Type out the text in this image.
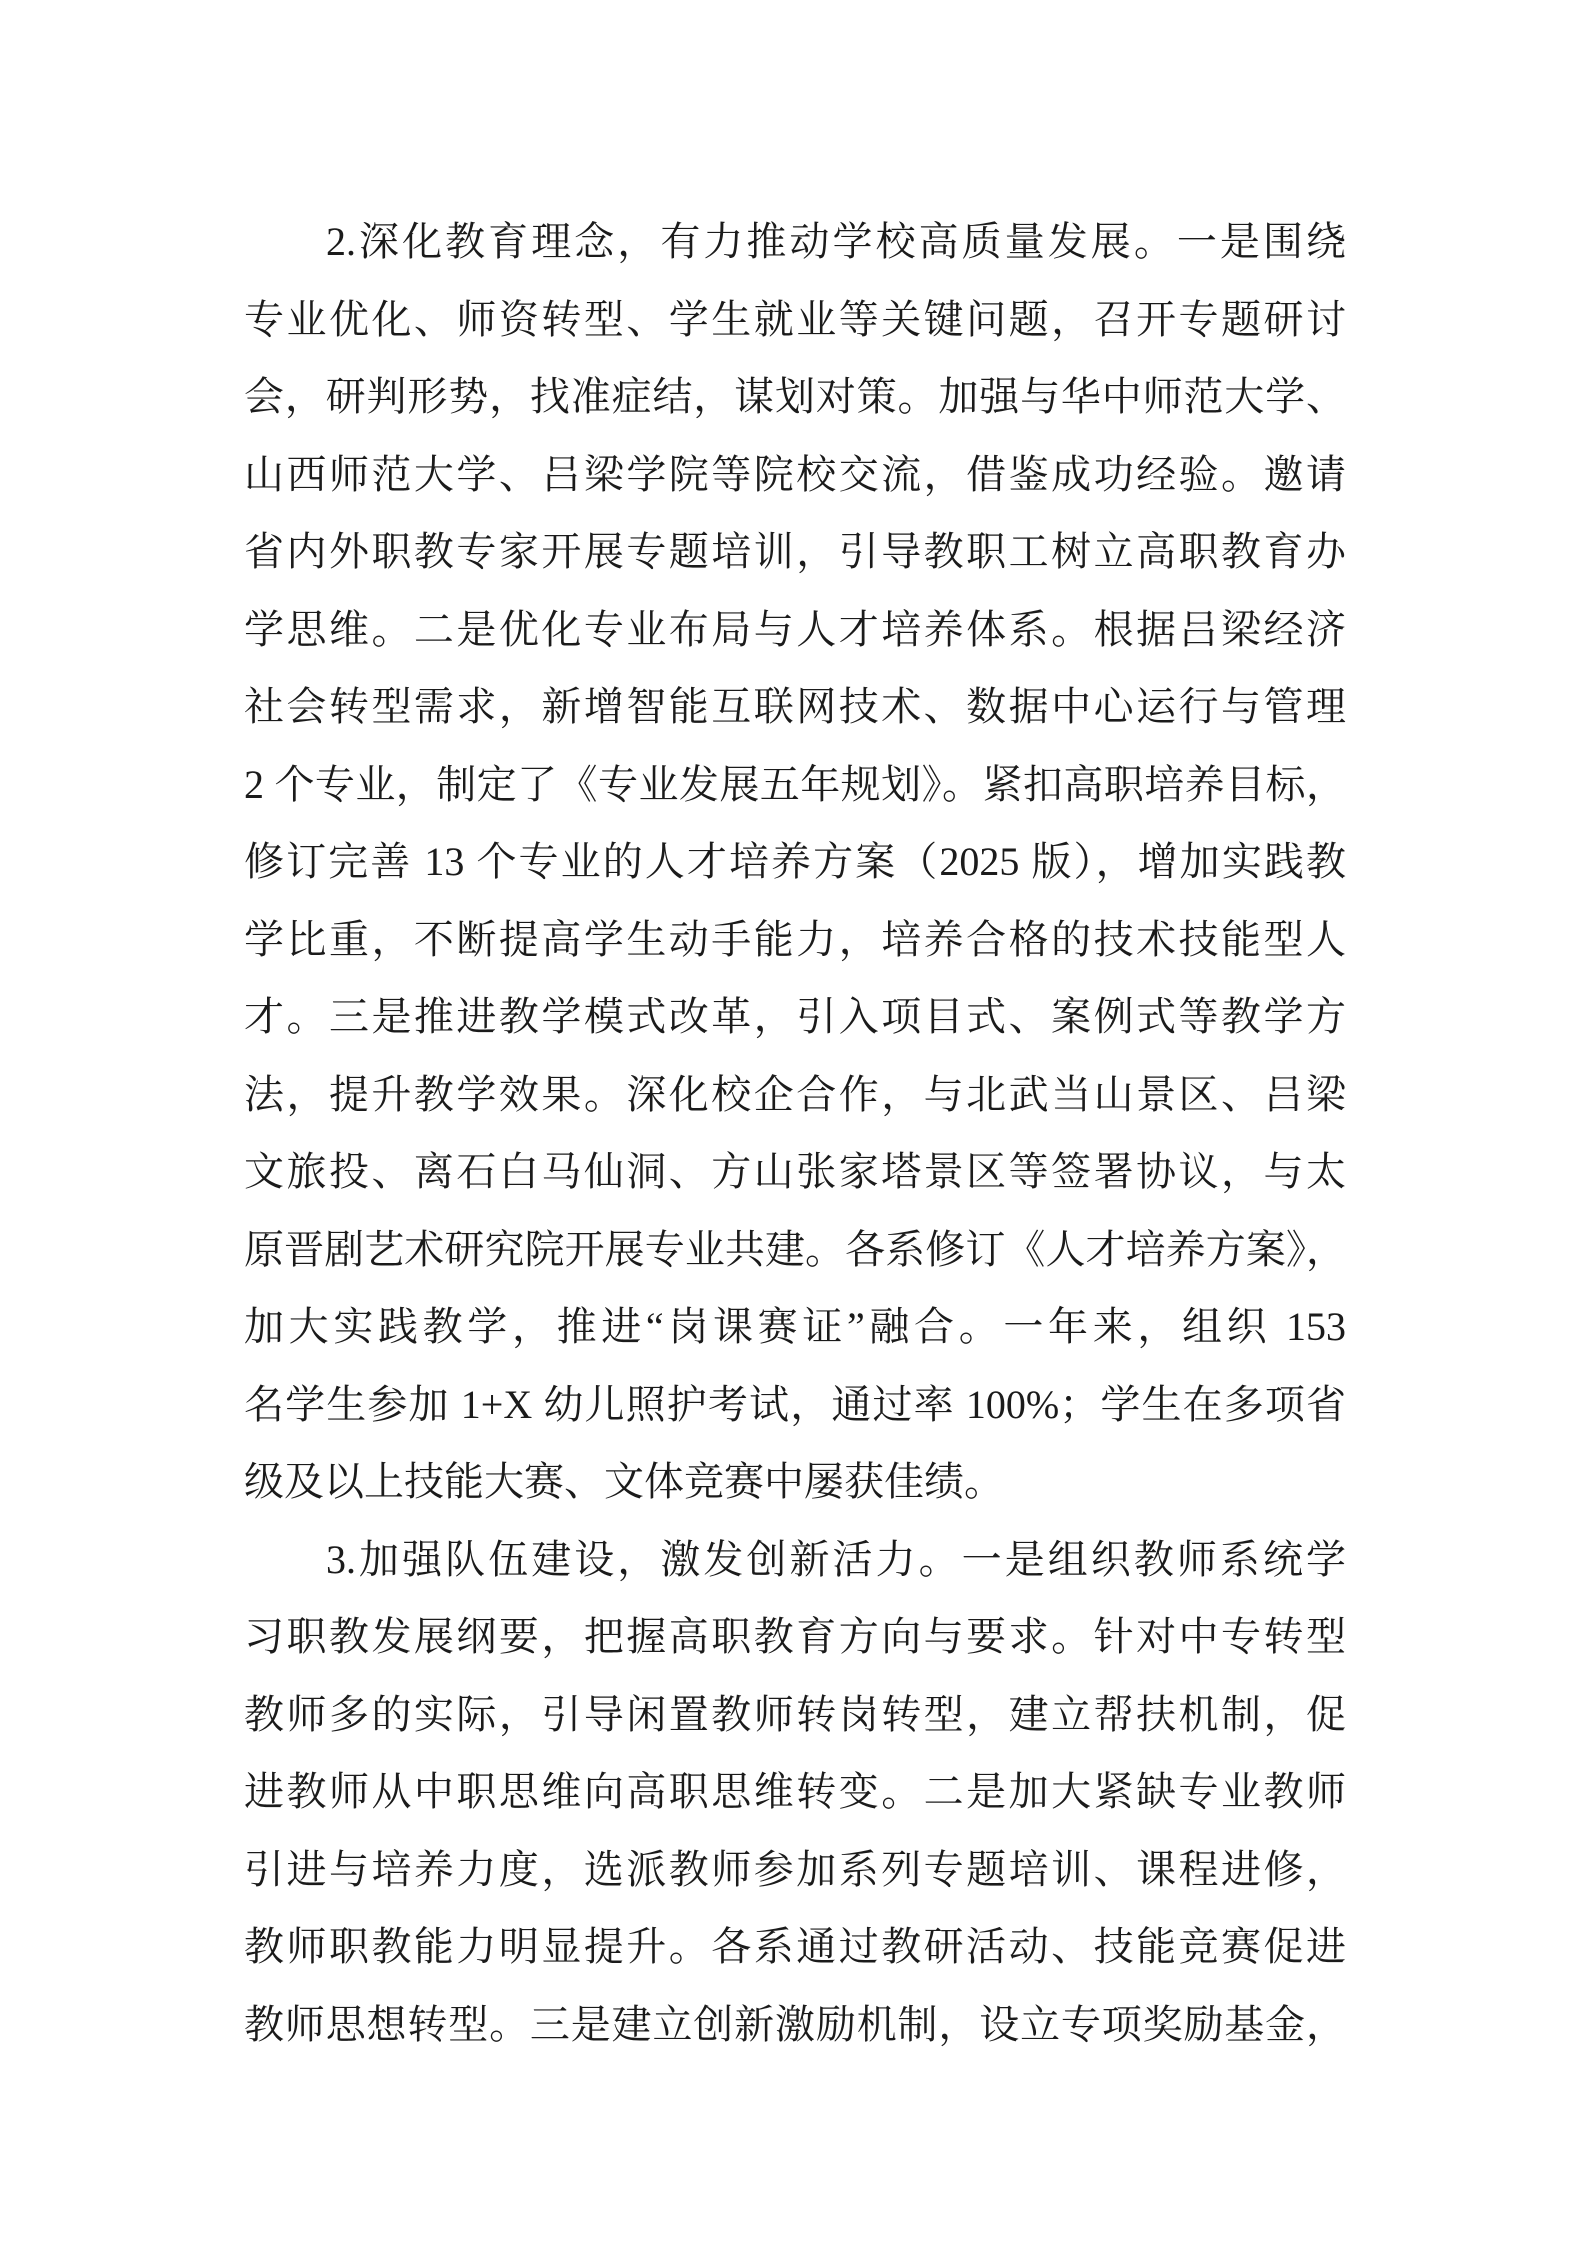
2.深化教育理念，有力推动学校高质量发展。一是围绕
专业优化、师资转型、学生就业等关键问题，召开专题研讨
会，研判形势，找准症结，谋划对策。加强与华中师范大学、
山西师范大学、吕梁学院等院校交流，借鉴成功经验。邀请
省内外职教专家开展专题培训，引导教职工树立高职教育办
学思维。二是优化专业布局与人才培养体系。根据吕梁经济
社会转型需求，新增智能互联网技术、数据中心运行与管理
2 个专业，制定了《专业发展五年规划》。紧扣高职培养目标，
修订完善 13 个专业的人才培养方案（2025 版），增加实践教
学比重，不断提高学生动手能力，培养合格的技术技能型人
才。三是推进教学模式改革，引入项目式、案例式等教学方
法，提升教学效果。深化校企合作，与北武当山景区、吕梁
文旅投、离石白马仙洞、方山张家塔景区等签署协议，与太
原晋剧艺术研究院开展专业共建。各系修订《人才培养方案》，
加大实践教学，推进“岗课赛证”融合。一年来，组织 153
名学生参加 1+X 幼儿照护考试，通过率 100%；学生在多项省
级及以上技能大赛、文体竞赛中屡获佳绩。
3.加强队伍建设，激发创新活力。一是组织教师系统学
习职教发展纲要，把握高职教育方向与要求。针对中专转型
教师多的实际，引导闲置教师转岗转型，建立帮扶机制，促
进教师从中职思维向高职思维转变。二是加大紧缺专业教师
引进与培养力度，选派教师参加系列专题培训、课程进修，
教师职教能力明显提升。各系通过教研活动、技能竞赛促进
教师思想转型。三是建立创新激励机制，设立专项奖励基金，
